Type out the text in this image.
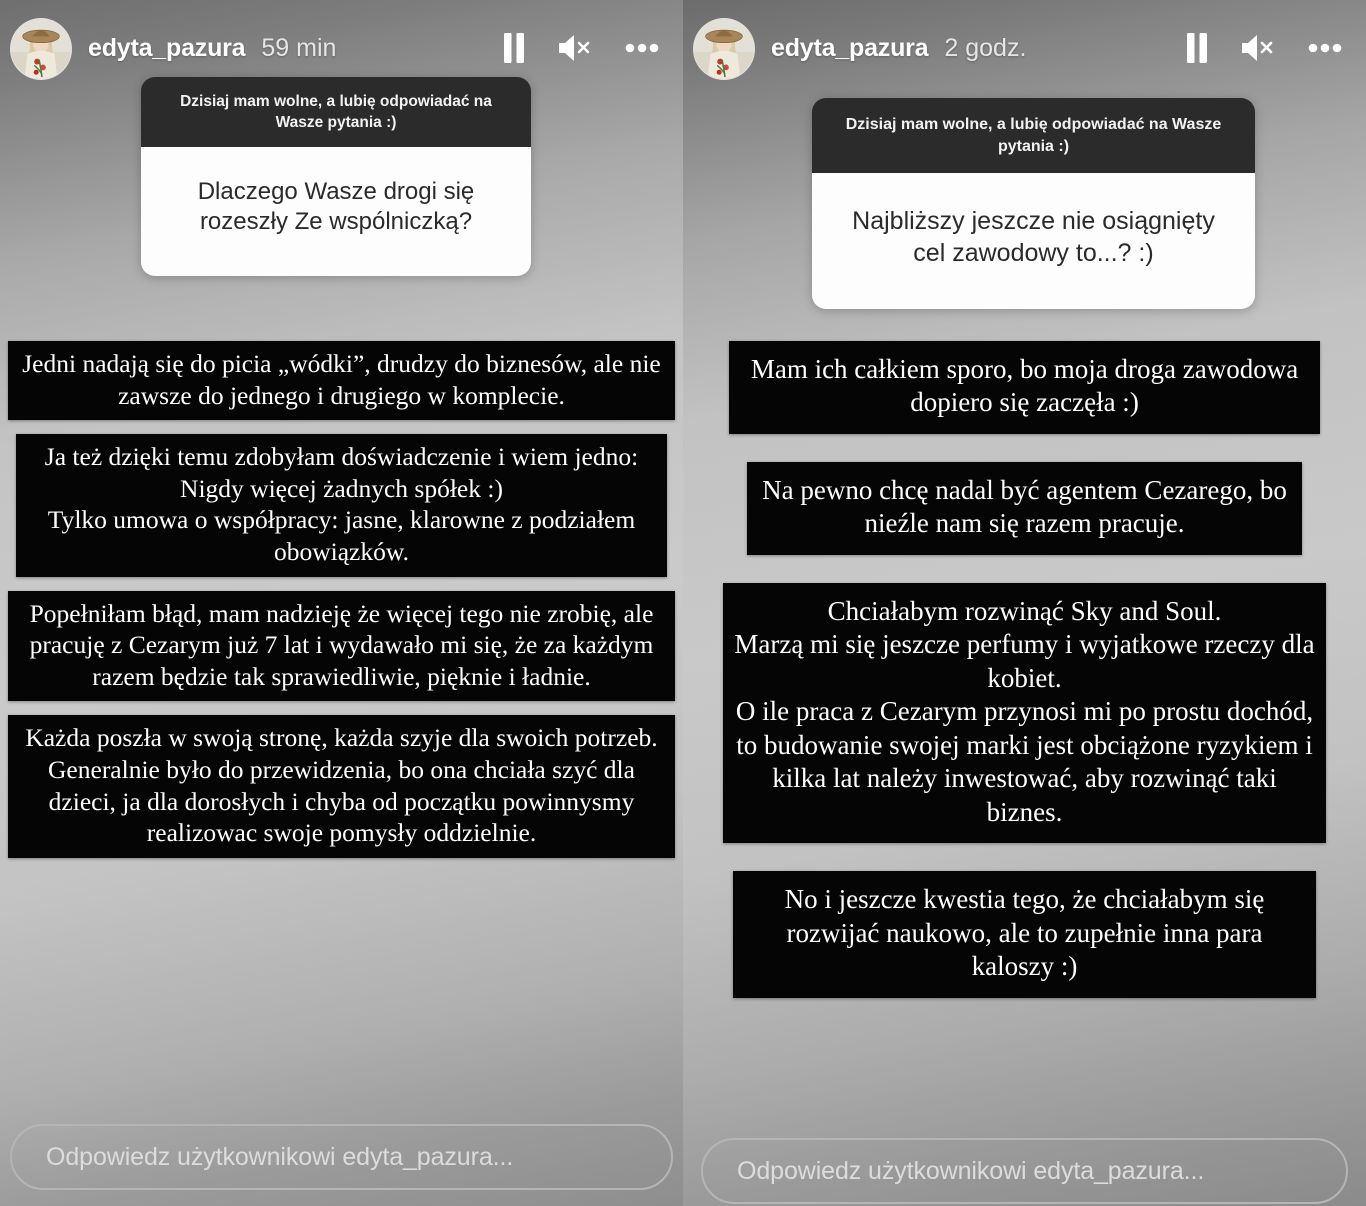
edyta_pazura 59 min
Dzisiaj mam wolne, a lubię odpowiadać na Wasze pytania :)
Dlaczego Wasze drogi się rozeszły Ze wspólniczką?
Jedni nadają się do picia „wódki”, drudzy do biznesów, ale nie zawsze do jednego i drugiego w komplecie.
Ja też dzięki temu zdobyłam doświadczenie i wiem jedno:
Nigdy więcej żadnych spółek :)
Tylko umowa o współpracy: jasne, klarowne z podziałem obowiązków.
Popełniłam błąd, mam nadzieję że więcej tego nie zrobię, ale pracuję z Cezarym już 7 lat i wydawało mi się, że za każdym razem będzie tak sprawiedliwie, pięknie i ładnie.
Każda poszła w swoją stronę, każda szyje dla swoich potrzeb. Generalnie było do przewidzenia, bo ona chciała szyć dla dzieci, ja dla dorosłych i chyba od początku powinnysmy realizowac swoje pomysły oddzielnie.
Odpowiedz użytkownikowi edyta_pazura...
edyta_pazura 2 godz.
Dzisiaj mam wolne, a lubię odpowiadać na Wasze pytania :)
Najbliższy jeszcze nie osiągnięty cel zawodowy to...? :)
Mam ich całkiem sporo, bo moja droga zawodowa dopiero się zaczęła :)
Na pewno chcę nadal być agentem Cezarego, bo nieźle nam się razem pracuje.
Chciałabym rozwinąć Sky and Soul.
Marzą mi się jeszcze perfumy i wyjatkowe rzeczy dla kobiet.
O ile praca z Cezarym przynosi mi po prostu dochód, to budowanie swojej marki jest obciążone ryzykiem i kilka lat należy inwestować, aby rozwinąć taki biznes.
No i jeszcze kwestia tego, że chciałabym się rozwijać naukowo, ale to zupełnie inna para kaloszy :)
Odpowiedz użytkownikowi edyta_pazura...
